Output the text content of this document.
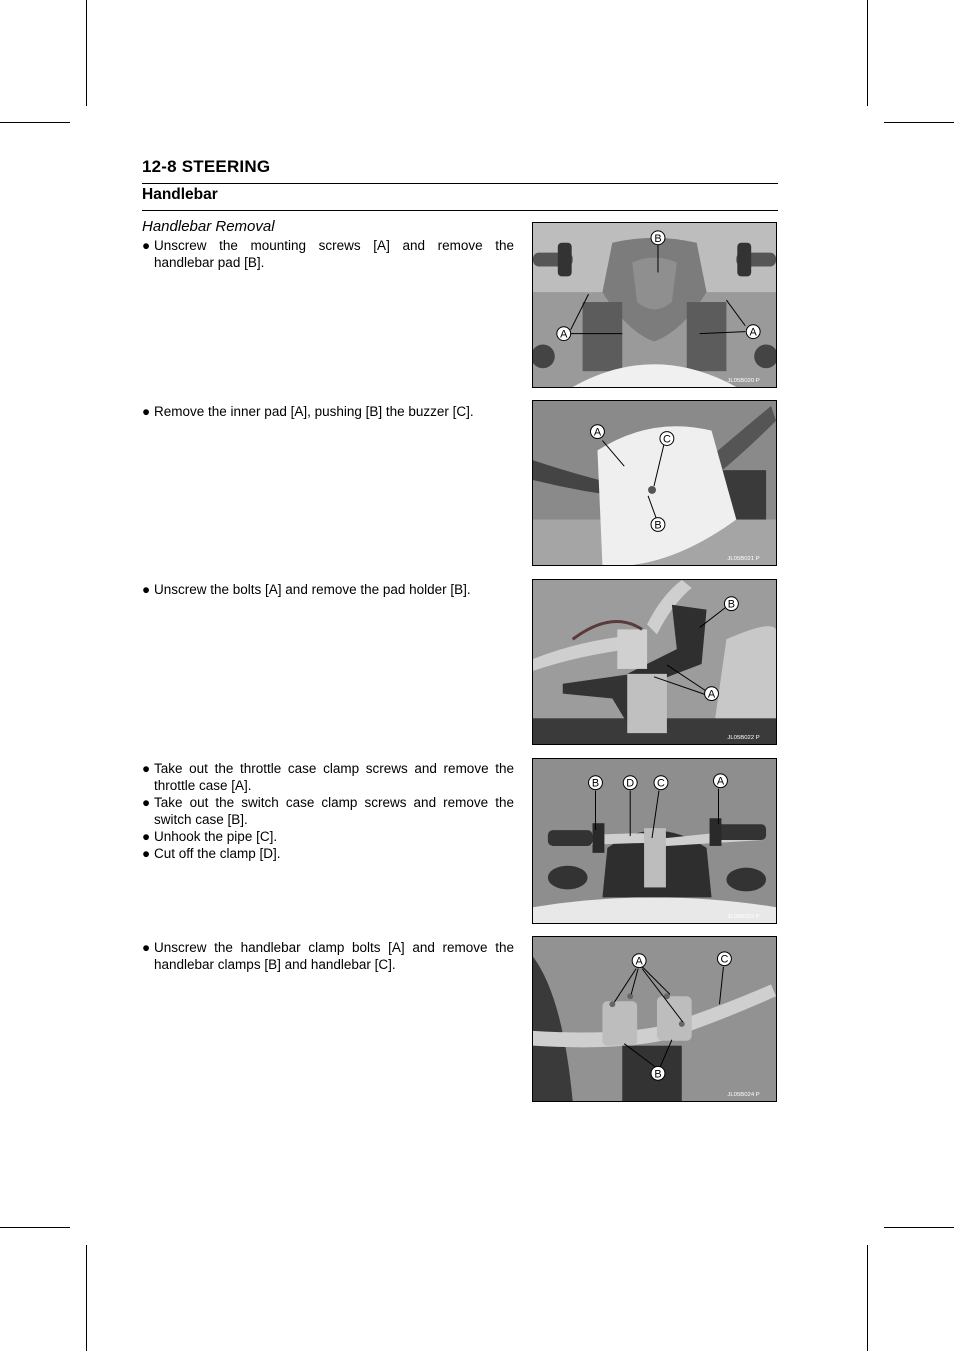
12-8 STEERING
Handlebar
Handlebar Removal
● Unscrew the mounting screws [A] and remove the handlebar pad [B].
B
A	A
JL05B020 P
● Remove the inner pad [A], pushing [B] the buzzer [C].
A
C
B
JL05B021 P
● Unscrew the bolts [A] and remove the pad holder [B].
B
A
JL05B022 P
● Take out the throttle case clamp screws and remove the throttle case [A].
● Take out the switch case clamp screws and remove the switch case [B].
● Unhook the pipe [C].
● Cut off the clamp [D].
B D C	A
JL05B023 P
● Unscrew the handlebar clamp bolts [A] and remove the handlebar clamps [B] and handlebar [C].	A	C
B
JL05B024 P
